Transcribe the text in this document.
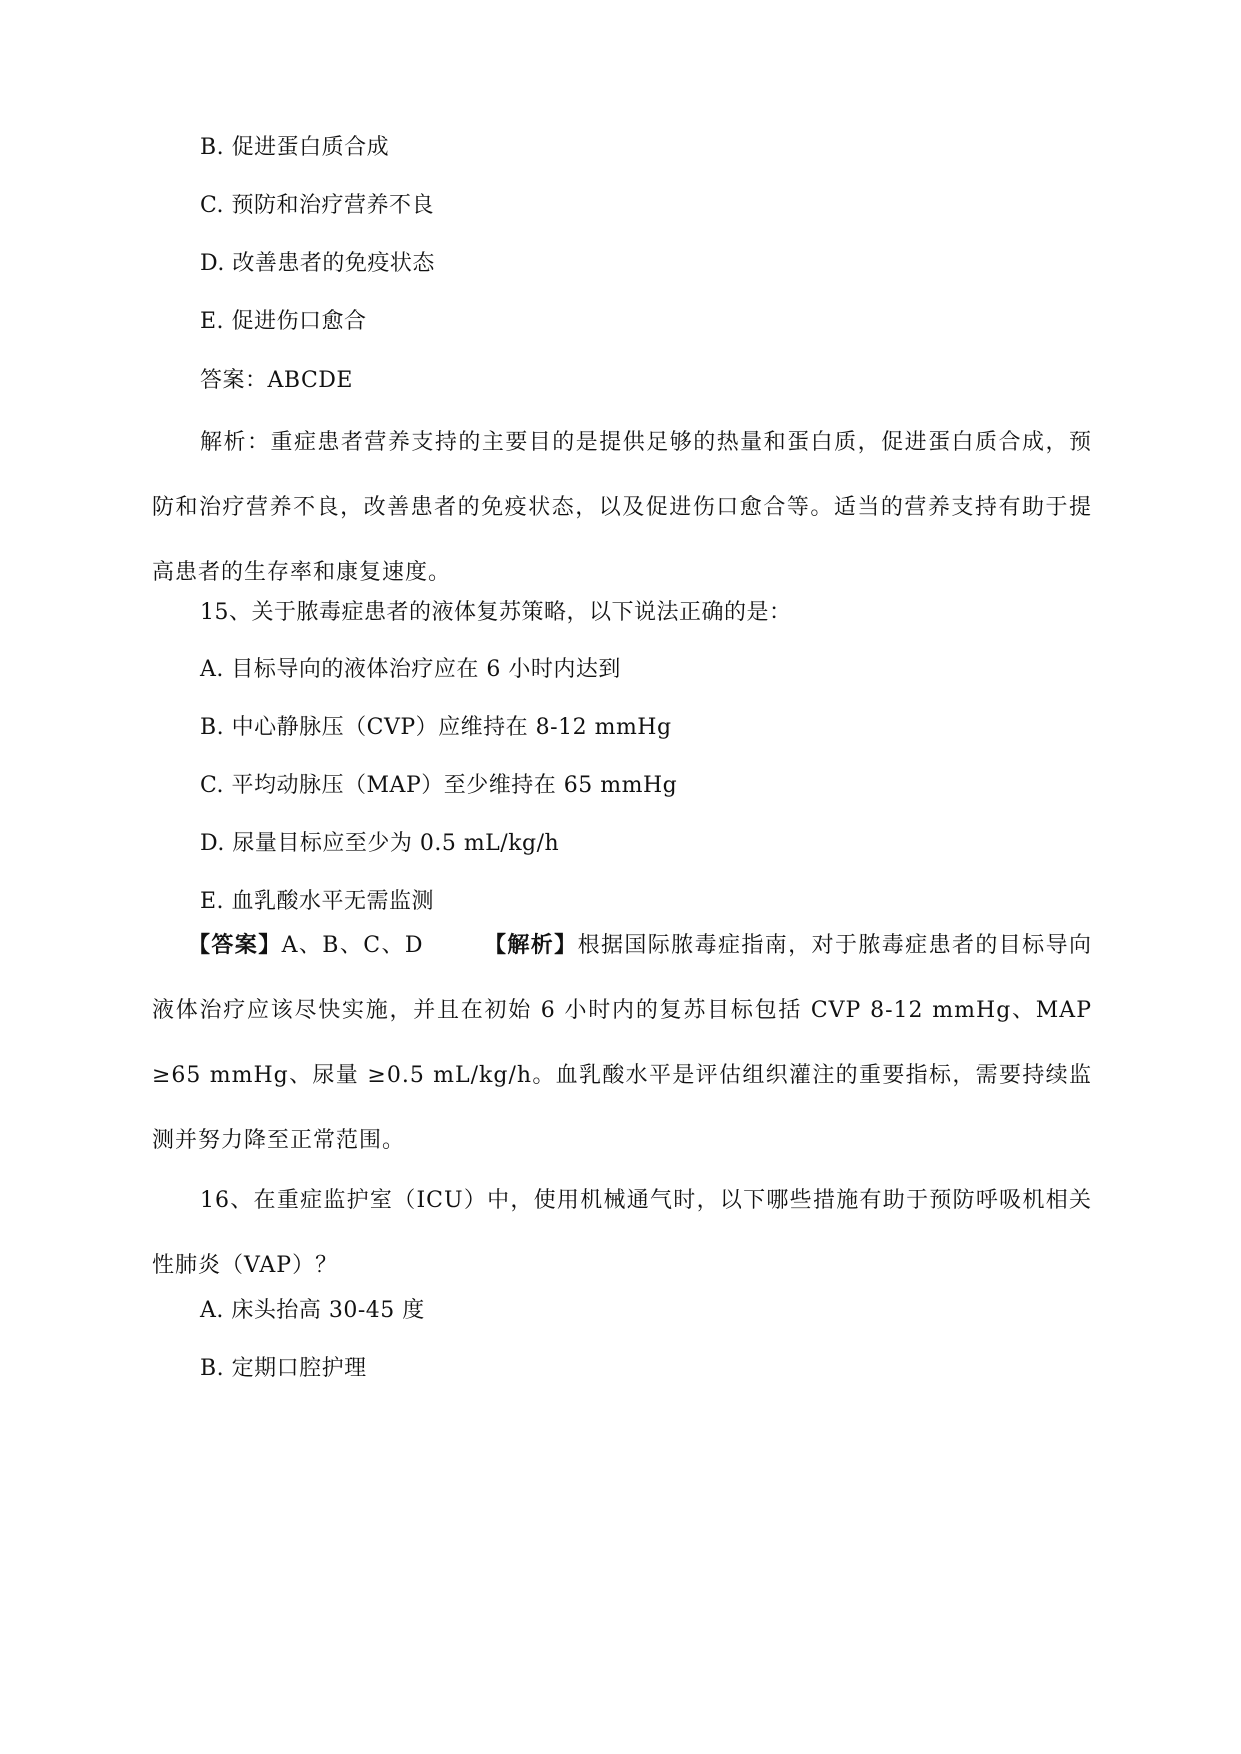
B. 促进蛋白质合成
C. 预防和治疗营养不良
D. 改善患者的免疫状态
E. 促进伤口愈合
答案：ABCDE

解析：重症患者营养支持的主要目的是提供足够的热量和蛋白质，促进蛋白质合成，预防和治疗营养不良，改善患者的免疫状态，以及促进伤口愈合等。适当的营养支持有助于提高患者的生存率和康复速度。

15、关于脓毒症患者的液体复苏策略，以下说法正确的是：
A. 目标导向的液体治疗应在 6 小时内达到
B. 中心静脉压（CVP）应维持在 8-12 mmHg
C. 平均动脉压（MAP）至少维持在 65 mmHg
D. 尿量目标应至少为 0.5 mL/kg/h
E. 血乳酸水平无需监测

【答案】A、B、C、D	【解析】根据国际脓毒症指南，对于脓毒症患者的目标导向液体治疗应该尽快实施，并且在初始 6 小时内的复苏目标包括 CVP 8-12 mmHg、MAP ≥65 mmHg、尿量 ≥0.5 mL/kg/h。血乳酸水平是评估组织灌注的重要指标，需要持续监测并努力降至正常范围。

16、在重症监护室（ICU）中，使用机械通气时，以下哪些措施有助于预防呼吸机相关性肺炎（VAP）？

A. 床头抬高 30-45 度
B. 定期口腔护理
